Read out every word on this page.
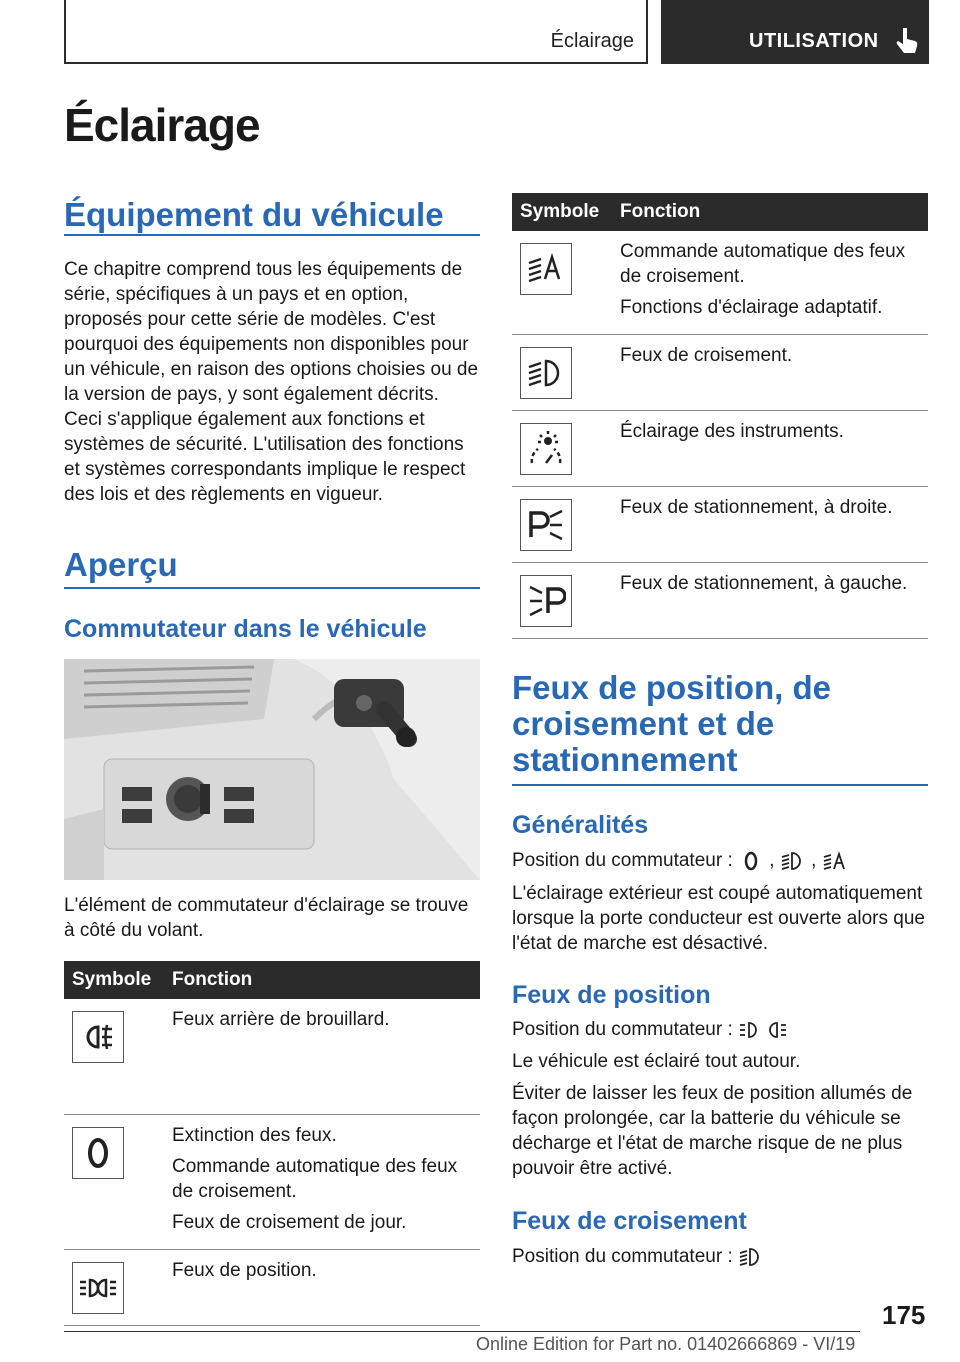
Éclairage	UTILISATION
Éclairage
Équipement du véhicule

Ce chapitre comprend tous les équipements de série, spécifiques à un pays et en option, proposés pour cette série de modèles. C'est pourquoi des équipements non disponibles pour un véhicule, en raison des options choisies ou de la version de pays, y sont également décrits. Ceci s'applique également aux fonctions et systèmes de sécurité. L'utilisation des fonctions et systèmes correspondants implique le respect des lois et des règlements en vigueur.

Aperçu
Commutateur dans le véhicule

L'élément de commutateur d'éclairage se trouve à côté du volant.

Symbole	Fonction

Feux arrière de brouillard.

Extinction des feux.
Commande automatique des feux de croisement.
Feux de croisement de jour.

Feux de position.
Symbole	Fonction

Commande automatique des feux de croisement.
Fonctions d'éclairage adaptatif.

Feux de croisement.

Éclairage des instruments.

Feux de stationnement, à droite.

Feux de stationnement, à gauche.
Feux de position, de croisement et de stationnement
Généralités

Position du commutateur : , ,

L'éclairage extérieur est coupé automatiquement lorsque la porte conducteur est ouverte alors que l'état de marche est désactivé.

Feux de position

Position du commutateur :

Le véhicule est éclairé tout autour.

Éviter de laisser les feux de position allumés de façon prolongée, car la batterie du véhicule se décharge et l'état de marche risque de ne plus pouvoir être activé.

Feux de croisement

Position du commutateur :

175
Online Edition for Part no. 01402666869 - VI/19
